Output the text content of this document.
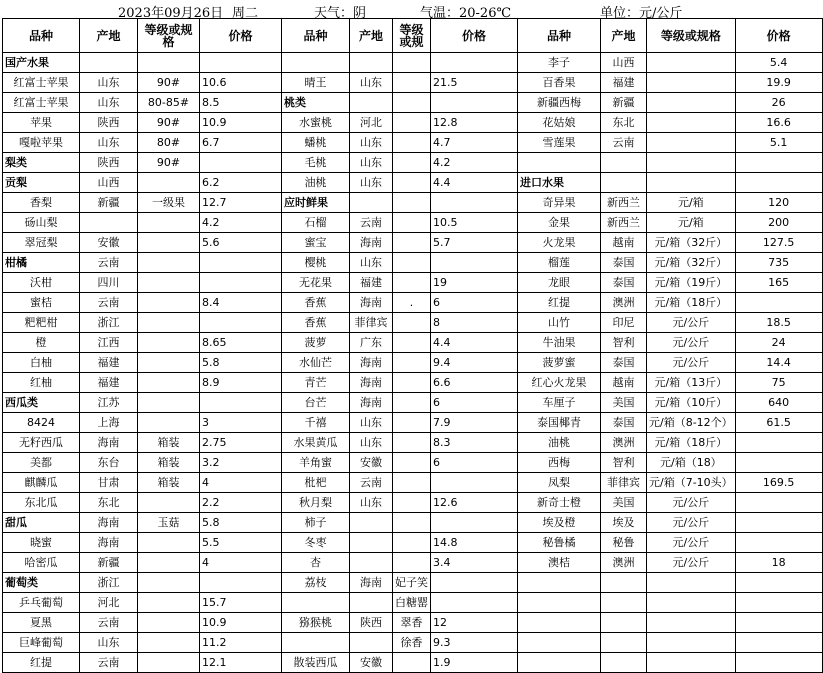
2023年09月26日 周二	天气：阴	气温：20-26℃	单位：元/公斤
品种	产地	等级或规格	价格	品种	产地	等级或规	价格	品种	产地	等级或规格	价格
国产水果								李子	山西		5.4
红富士苹果	山东	90#	10.6	晴王	山东		21.5	百香果	福建		19.9
红富士苹果	山东	80-85#	8.5	桃类				新疆西梅	新疆		26
苹果	陕西	90#	10.9	水蜜桃	河北		12.8	花姑娘	东北		16.6
嘎啦苹果	山东	80#	6.7	蟠桃	山东		4.7	雪莲果	云南		5.1
梨类	陕西	90#		毛桃	山东		4.2				
贡梨	山西		6.2	油桃	山东		4.4	进口水果			
香梨	新疆	一级果	12.7	应时鲜果				奇异果	新西兰	元/箱	120
砀山梨			4.2	石榴	云南		10.5	金果	新西兰	元/箱	200
翠冠梨	安徽		5.6	蜜宝	海南		5.7	火龙果	越南	元/箱（32斤）	127.5
柑橘	云南			樱桃	山东			榴莲	泰国	元/箱（32斤）	735
沃柑	四川			无花果	福建		19	龙眼	泰国	元/箱（19斤）	165
蜜桔	云南		8.4	香蕉	海南	.	6	红提	澳洲	元/箱（18斤）	
粑粑柑	浙江			香蕉	菲律宾		8	山竹	印尼	元/公斤	18.5
橙	江西		8.65	菠萝	广东		4.4	牛油果	智利	元/公斤	24
白柚	福建		5.8	水仙芒	海南		9.4	菠萝蜜	泰国	元/公斤	14.4
红柚	福建		8.9	青芒	海南		6.6	红心火龙果	越南	元/箱（13斤）	75
西瓜类	江苏			台芒	海南		6	车厘子	美国	元/箱（10斤）	640
8424	上海		3	千禧	山东		7.9	泰国椰青	泰国	元/箱（8-12个）	61.5
无籽西瓜	海南	箱装	2.75	水果黄瓜	山东		8.3	油桃	澳洲	元/箱（18斤）	
美都	东台	箱装	3.2	羊角蜜	安徽		6	西梅	智利	元/箱（18）	
麒麟瓜	甘肃	箱装	4	枇杷	云南			凤梨	菲律宾	元/箱（7-10头）	169.5
东北瓜	东北		2.2	秋月梨	山东		12.6	新奇士橙	美国	元/公斤	
甜瓜	海南	玉菇	5.8	柿子				埃及橙	埃及	元/公斤	
晓蜜	海南		5.5	冬枣			14.8	秘鲁橘	秘鲁	元/公斤	
哈密瓜	新疆		4	杏			3.4	澳桔	澳洲	元/公斤	18
葡萄类	浙江			荔枝	海南	妃子笑					
乒乓葡萄	河北		15.7			白糖罂					
夏黑	云南		10.9	猕猴桃	陕西	翠香	12				
巨峰葡萄	山东		11.2			徐香	9.3				
红提	云南		12.1	散装西瓜	安徽		1.9				
